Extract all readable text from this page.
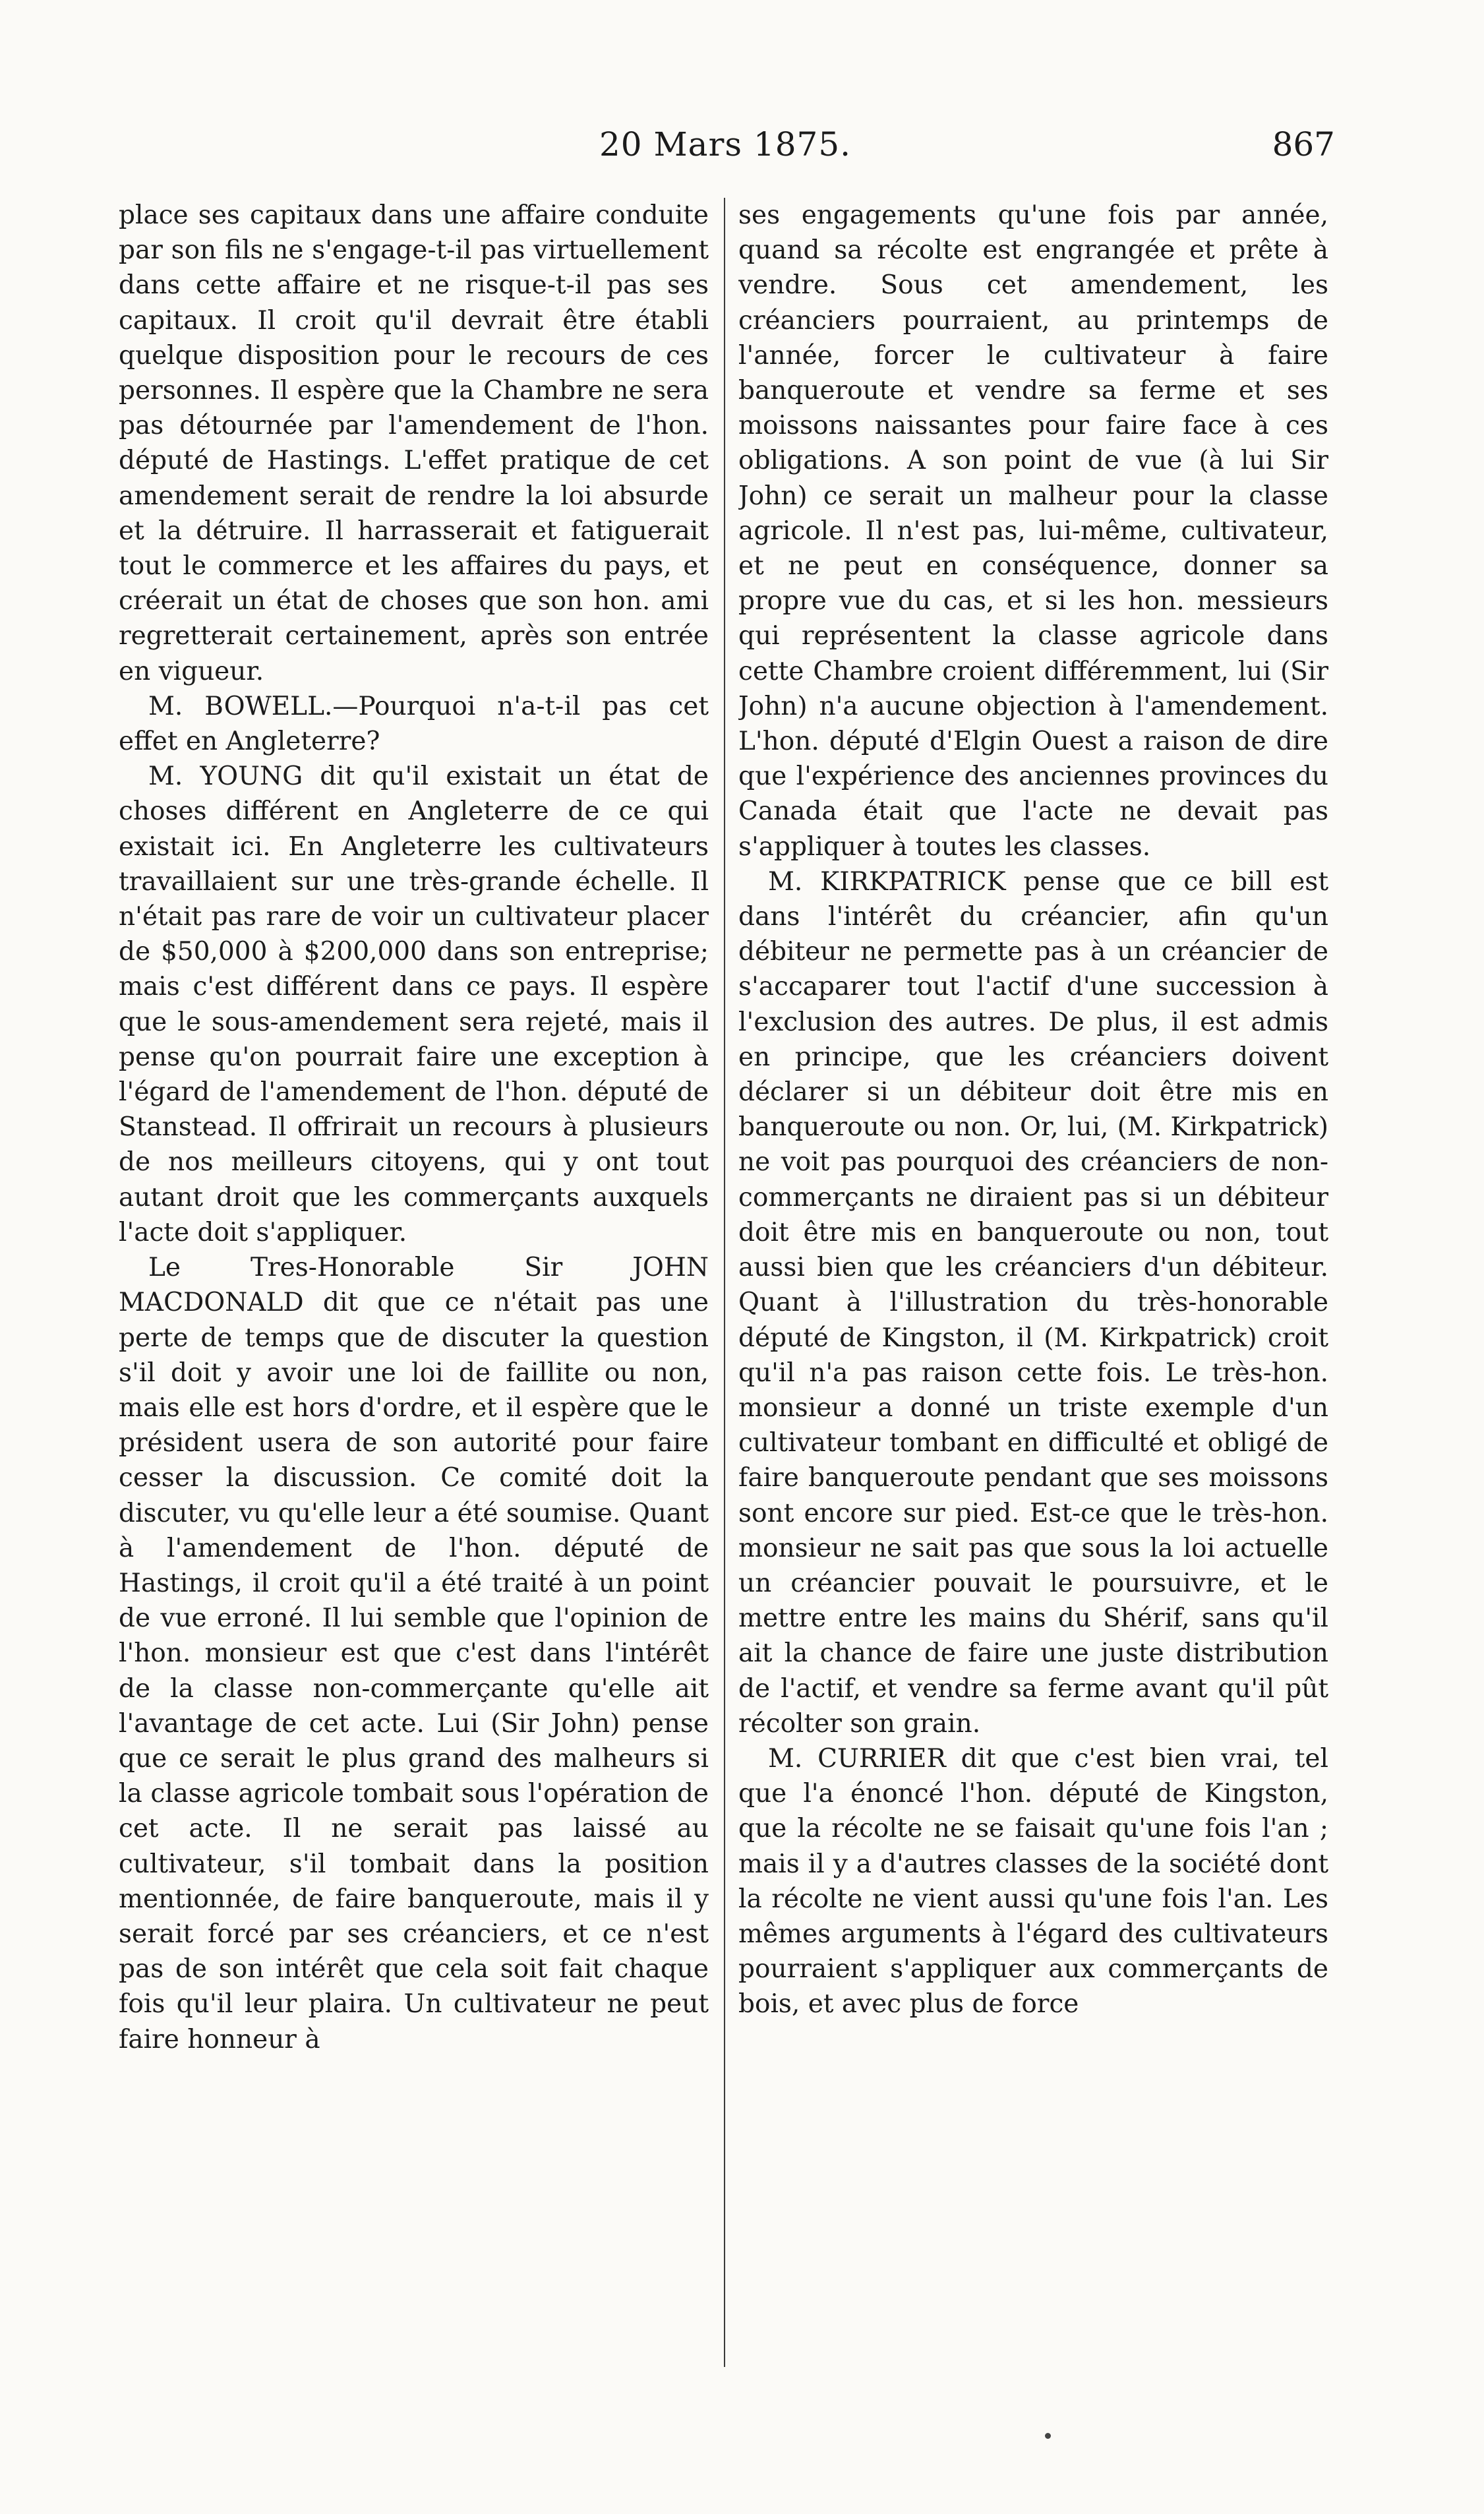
20 Mars 1875.	867

place ses capitaux dans une affaire conduite par son fils ne s'engage-t-il pas virtuellement dans cette affaire et ne risque-t-il pas ses capitaux. Il croit qu'il devrait être établi quelque disposition pour le recours de ces personnes. Il espère que la Chambre ne sera pas détournée par l'amendement de l'hon. député de Hastings. L'effet pratique de cet amendement serait de rendre la loi absurde et la détruire. Il harrasserait et fatiguerait tout le commerce et les affaires du pays, et créerait un état de choses que son hon. ami regretterait certainement, après son entrée en vigueur.

M. BOWELL.—Pourquoi n'a-t-il pas cet effet en Angleterre?

M. YOUNG dit qu'il existait un état de choses différent en Angleterre de ce qui existait ici. En Angleterre les cultivateurs travaillaient sur une très-grande échelle. Il n'était pas rare de voir un cultivateur placer de $50,000 à $200,000 dans son entreprise; mais c'est différent dans ce pays. Il espère que le sous-amendement sera rejeté, mais il pense qu'on pourrait faire une exception à l'égard de l'amendement de l'hon. député de Stanstead. Il offrirait un recours à plusieurs de nos meilleurs citoyens, qui y ont tout autant droit que les commerçants auxquels l'acte doit s'appliquer.

Le Tres-Honorable Sir JOHN MACDONALD dit que ce n'était pas une perte de temps que de discuter la question s'il doit y avoir une loi de faillite ou non, mais elle est hors d'ordre, et il espère que le président usera de son autorité pour faire cesser la discussion. Ce comité doit la discuter, vu qu'elle leur a été soumise. Quant à l'amendement de l'hon. député de Hastings, il croit qu'il a été traité à un point de vue erroné. Il lui semble que l'opinion de l'hon. monsieur est que c'est dans l'intérêt de la classe non-commerçante qu'elle ait l'avantage de cet acte. Lui (Sir John) pense que ce serait le plus grand des malheurs si la classe agricole tombait sous l'opération de cet acte. Il ne serait pas laissé au cultivateur, s'il tombait dans la position mentionnée, de faire banqueroute, mais il y serait forcé par ses créanciers, et ce n'est pas de son intérêt que cela soit fait chaque fois qu'il leur plaira. Un cultivateur ne peut faire honneur à

ses engagements qu'une fois par année, quand sa récolte est engrangée et prête à vendre. Sous cet amendement, les créanciers pourraient, au printemps de l'année, forcer le cultivateur à faire banqueroute et vendre sa ferme et ses moissons naissantes pour faire face à ces obligations. A son point de vue (à lui Sir John) ce serait un malheur pour la classe agricole. Il n'est pas, lui-même, cultivateur, et ne peut en conséquence, donner sa propre vue du cas, et si les hon. messieurs qui représentent la classe agricole dans cette Chambre croient différemment, lui (Sir John) n'a aucune objection à l'amendement. L'hon. député d'Elgin Ouest a raison de dire que l'expérience des anciennes provinces du Canada était que l'acte ne devait pas s'appliquer à toutes les classes.

M. KIRKPATRICK pense que ce bill est dans l'intérêt du créancier, afin qu'un débiteur ne permette pas à un créancier de s'accaparer tout l'actif d'une succession à l'exclusion des autres. De plus, il est admis en principe, que les créanciers doivent déclarer si un débiteur doit être mis en banqueroute ou non. Or, lui, (M. Kirkpatrick) ne voit pas pourquoi des créanciers de non-commerçants ne diraient pas si un débiteur doit être mis en banqueroute ou non, tout aussi bien que les créanciers d'un débiteur. Quant à l'illustration du très-honorable député de Kingston, il (M. Kirkpatrick) croit qu'il n'a pas raison cette fois. Le très-hon. monsieur a donné un triste exemple d'un cultivateur tombant en difficulté et obligé de faire banqueroute pendant que ses moissons sont encore sur pied. Est-ce que le très-hon. monsieur ne sait pas que sous la loi actuelle un créancier pouvait le poursuivre, et le mettre entre les mains du Shérif, sans qu'il ait la chance de faire une juste distribution de l'actif, et vendre sa ferme avant qu'il pût récolter son grain.

M. CURRIER dit que c'est bien vrai, tel que l'a énoncé l'hon. député de Kingston, que la récolte ne se faisait qu'une fois l'an ; mais il y a d'autres classes de la société dont la récolte ne vient aussi qu'une fois l'an. Les mêmes arguments à l'égard des cultivateurs pourraient s'appliquer aux commerçants de bois, et avec plus de force
